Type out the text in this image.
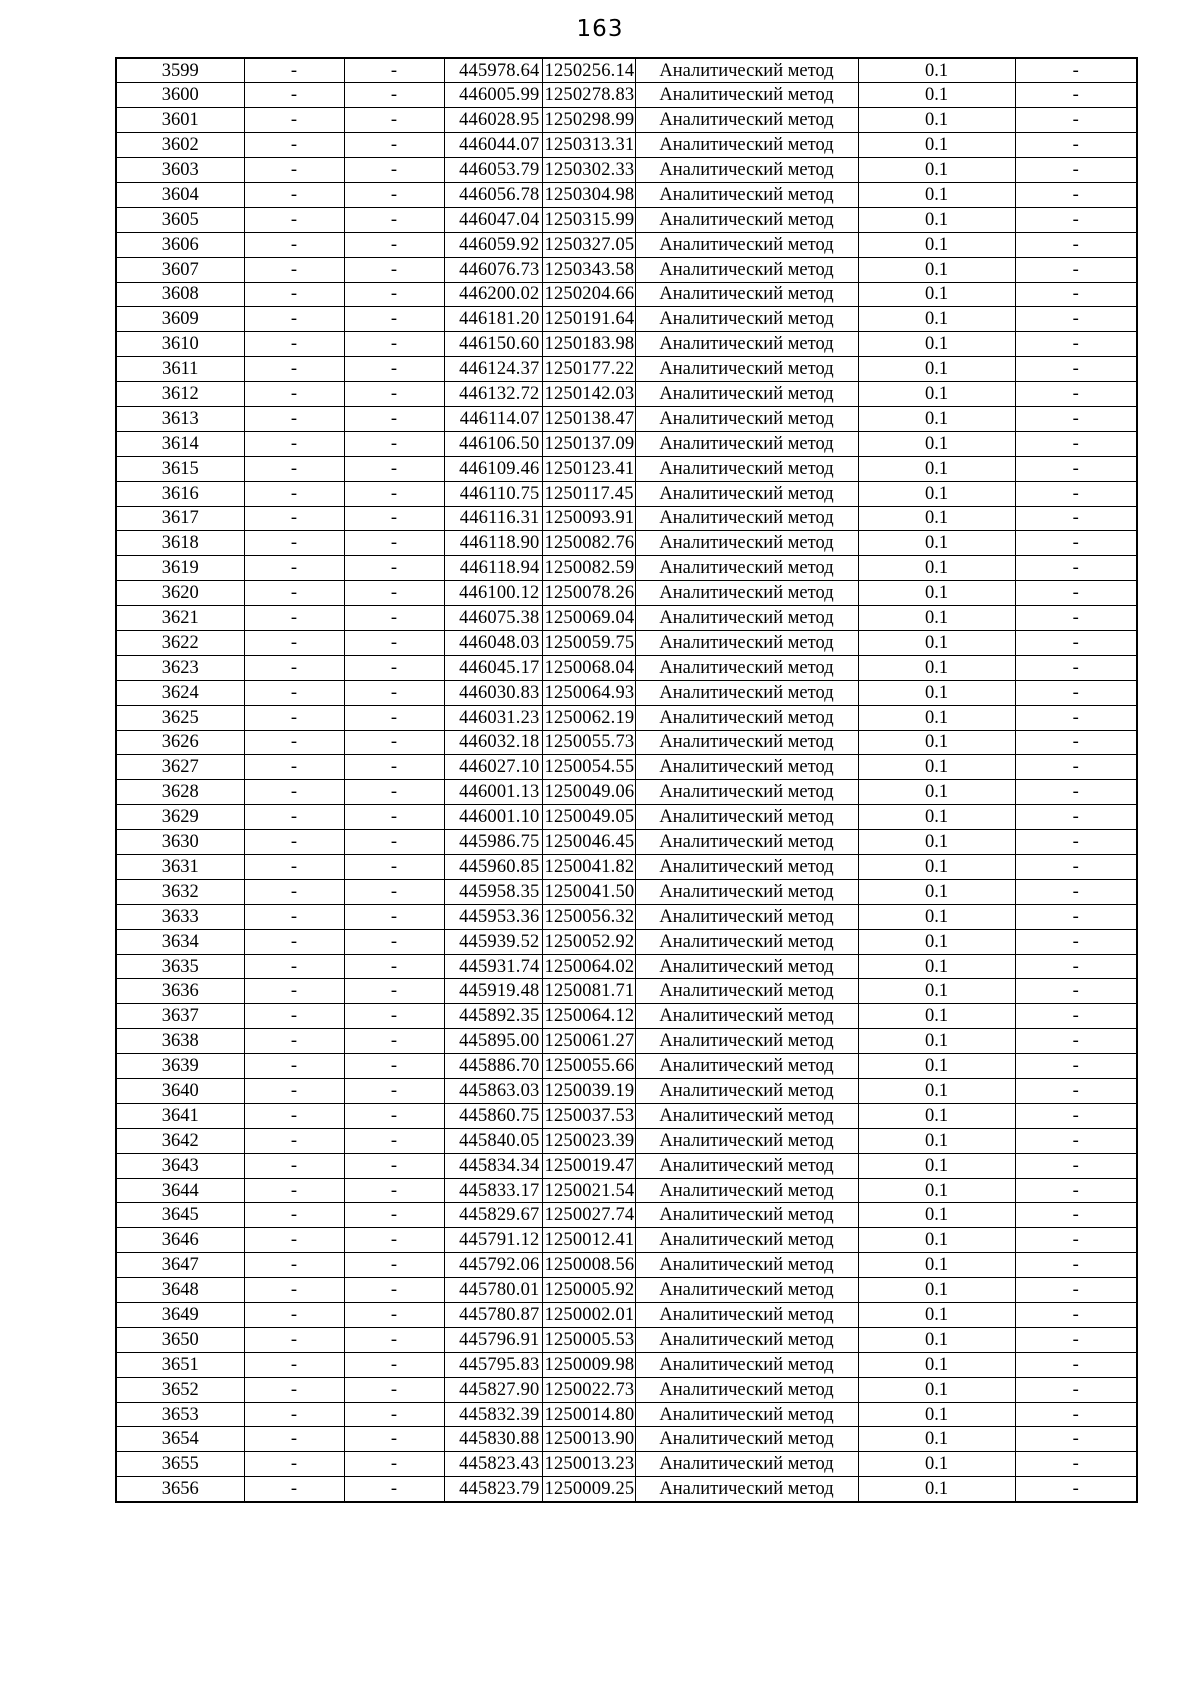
163
3599	-	-	445978.64	1250256.14	Аналитический метод	0.1	-
3600	-	-	446005.99	1250278.83	Аналитический метод	0.1	-
3601	-	-	446028.95	1250298.99	Аналитический метод	0.1	-
3602	-	-	446044.07	1250313.31	Аналитический метод	0.1	-
3603	-	-	446053.79	1250302.33	Аналитический метод	0.1	-
3604	-	-	446056.78	1250304.98	Аналитический метод	0.1	-
3605	-	-	446047.04	1250315.99	Аналитический метод	0.1	-
3606	-	-	446059.92	1250327.05	Аналитический метод	0.1	-
3607	-	-	446076.73	1250343.58	Аналитический метод	0.1	-
3608	-	-	446200.02	1250204.66	Аналитический метод	0.1	-
3609	-	-	446181.20	1250191.64	Аналитический метод	0.1	-
3610	-	-	446150.60	1250183.98	Аналитический метод	0.1	-
3611	-	-	446124.37	1250177.22	Аналитический метод	0.1	-
3612	-	-	446132.72	1250142.03	Аналитический метод	0.1	-
3613	-	-	446114.07	1250138.47	Аналитический метод	0.1	-
3614	-	-	446106.50	1250137.09	Аналитический метод	0.1	-
3615	-	-	446109.46	1250123.41	Аналитический метод	0.1	-
3616	-	-	446110.75	1250117.45	Аналитический метод	0.1	-
3617	-	-	446116.31	1250093.91	Аналитический метод	0.1	-
3618	-	-	446118.90	1250082.76	Аналитический метод	0.1	-
3619	-	-	446118.94	1250082.59	Аналитический метод	0.1	-
3620	-	-	446100.12	1250078.26	Аналитический метод	0.1	-
3621	-	-	446075.38	1250069.04	Аналитический метод	0.1	-
3622	-	-	446048.03	1250059.75	Аналитический метод	0.1	-
3623	-	-	446045.17	1250068.04	Аналитический метод	0.1	-
3624	-	-	446030.83	1250064.93	Аналитический метод	0.1	-
3625	-	-	446031.23	1250062.19	Аналитический метод	0.1	-
3626	-	-	446032.18	1250055.73	Аналитический метод	0.1	-
3627	-	-	446027.10	1250054.55	Аналитический метод	0.1	-
3628	-	-	446001.13	1250049.06	Аналитический метод	0.1	-
3629	-	-	446001.10	1250049.05	Аналитический метод	0.1	-
3630	-	-	445986.75	1250046.45	Аналитический метод	0.1	-
3631	-	-	445960.85	1250041.82	Аналитический метод	0.1	-
3632	-	-	445958.35	1250041.50	Аналитический метод	0.1	-
3633	-	-	445953.36	1250056.32	Аналитический метод	0.1	-
3634	-	-	445939.52	1250052.92	Аналитический метод	0.1	-
3635	-	-	445931.74	1250064.02	Аналитический метод	0.1	-
3636	-	-	445919.48	1250081.71	Аналитический метод	0.1	-
3637	-	-	445892.35	1250064.12	Аналитический метод	0.1	-
3638	-	-	445895.00	1250061.27	Аналитический метод	0.1	-
3639	-	-	445886.70	1250055.66	Аналитический метод	0.1	-
3640	-	-	445863.03	1250039.19	Аналитический метод	0.1	-
3641	-	-	445860.75	1250037.53	Аналитический метод	0.1	-
3642	-	-	445840.05	1250023.39	Аналитический метод	0.1	-
3643	-	-	445834.34	1250019.47	Аналитический метод	0.1	-
3644	-	-	445833.17	1250021.54	Аналитический метод	0.1	-
3645	-	-	445829.67	1250027.74	Аналитический метод	0.1	-
3646	-	-	445791.12	1250012.41	Аналитический метод	0.1	-
3647	-	-	445792.06	1250008.56	Аналитический метод	0.1	-
3648	-	-	445780.01	1250005.92	Аналитический метод	0.1	-
3649	-	-	445780.87	1250002.01	Аналитический метод	0.1	-
3650	-	-	445796.91	1250005.53	Аналитический метод	0.1	-
3651	-	-	445795.83	1250009.98	Аналитический метод	0.1	-
3652	-	-	445827.90	1250022.73	Аналитический метод	0.1	-
3653	-	-	445832.39	1250014.80	Аналитический метод	0.1	-
3654	-	-	445830.88	1250013.90	Аналитический метод	0.1	-
3655	-	-	445823.43	1250013.23	Аналитический метод	0.1	-
3656	-	-	445823.79	1250009.25	Аналитический метод	0.1	-
